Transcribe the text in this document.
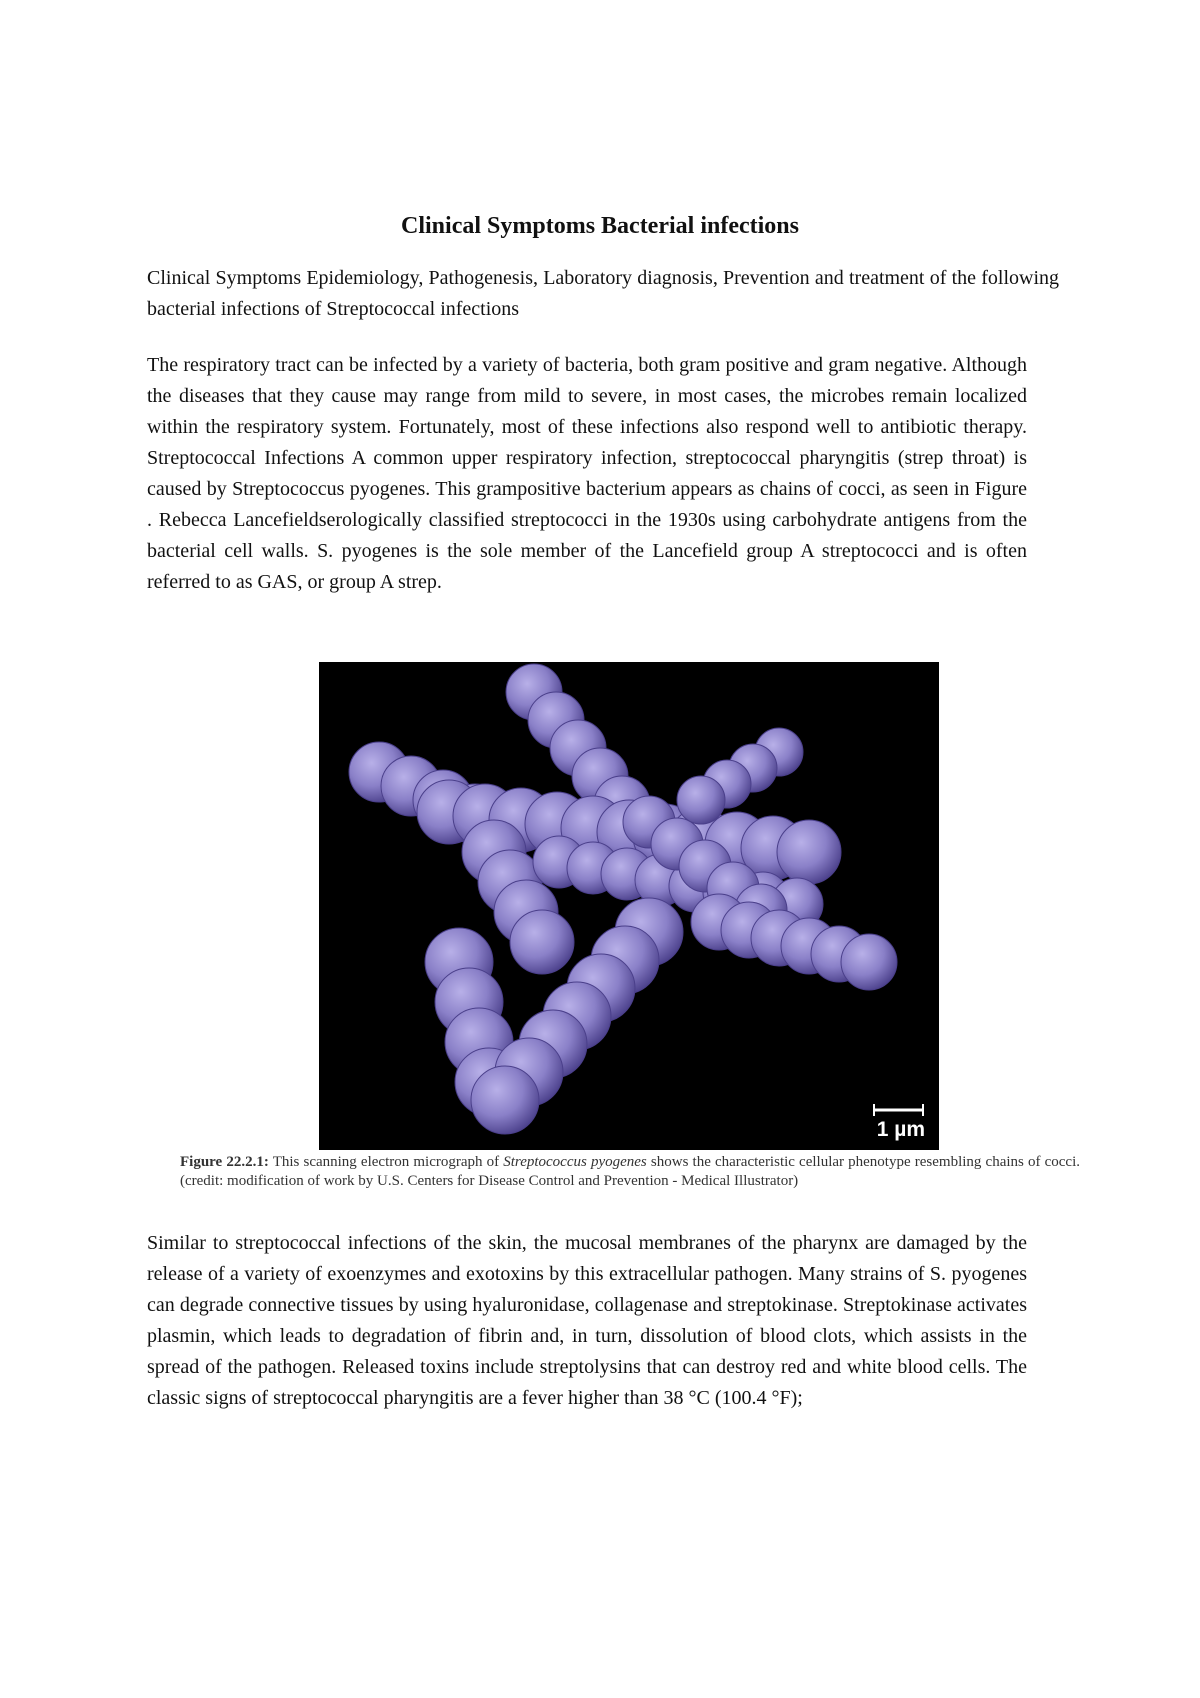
Clinical Symptoms Bacterial infections

Clinical Symptoms Epidemiology, Pathogenesis, Laboratory diagnosis, Prevention and treatment of the following bacterial infections of Streptococcal infections

The respiratory tract can be infected by a variety of bacteria, both gram positive and gram negative. Although the diseases that they cause may range from mild to severe, in most cases, the microbes remain localized within the respiratory system. Fortunately, most of these infections also respond well to antibiotic therapy. Streptococcal Infections A common upper respiratory infection, streptococcal pharyngitis (strep throat) is caused by Streptococcus pyogenes. This grampositive bacterium appears as chains of cocci, as seen in Figure . Rebecca Lancefieldserologically classified streptococci in the 1930s using carbohydrate antigens from the bacterial cell walls. S. pyogenes is the sole member of the Lancefield group A streptococci and is often referred to as GAS, or group A strep.

1 µm
Figure 22.2.1: This scanning electron micrograph of Streptococcus pyogenes shows the characteristic cellular phenotype resembling chains of cocci. (credit: modification of work by U.S. Centers for Disease Control and Prevention - Medical Illustrator)

Similar to streptococcal infections of the skin, the mucosal membranes of the pharynx are damaged by the release of a variety of exoenzymes and exotoxins by this extracellular pathogen. Many strains of S. pyogenes can degrade connective tissues by using hyaluronidase, collagenase and streptokinase. Streptokinase activates plasmin, which leads to degradation of fibrin and, in turn, dissolution of blood clots, which assists in the spread of the pathogen. Released toxins include streptolysins that can destroy red and white blood cells. The classic signs of streptococcal pharyngitis are a fever higher than 38 °C (100.4 °F);
